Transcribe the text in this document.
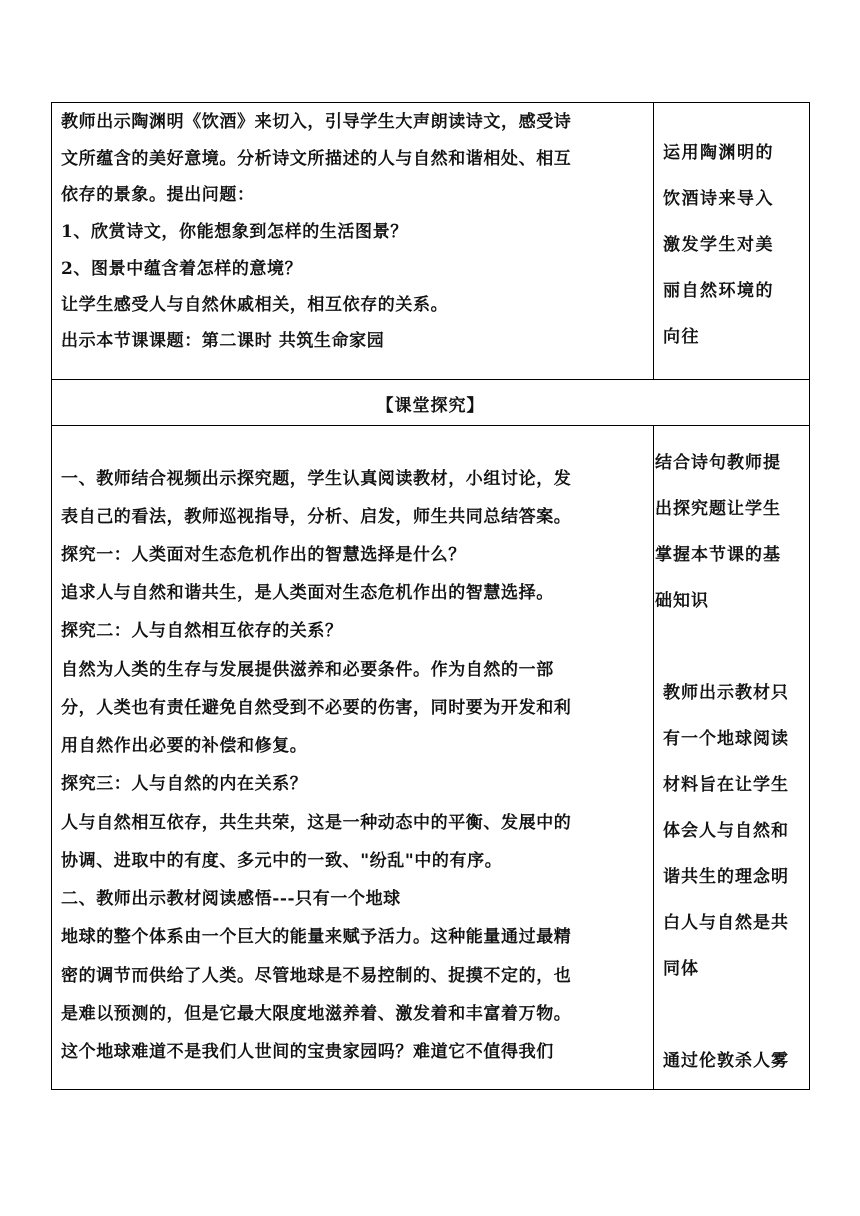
教师出示陶渊明《饮酒》来切入，引导学生大声朗读诗文，感受诗
文所蕴含的美好意境。分析诗文所描述的人与自然和谐相处、相互
依存的景象。提出问题：
1、欣赏诗文，你能想象到怎样的生活图景？
2、图景中蕴含着怎样的意境？
让学生感受人与自然休戚相关，相互依存的关系。
出示本节课课题：第二课时 共筑生命家园
运用陶渊明的
饮酒诗来导入
激发学生对美
丽自然环境的
向往
【课堂探究】
一、教师结合视频出示探究题，学生认真阅读教材，小组讨论，发
表自己的看法，教师巡视指导，分析、启发，师生共同总结答案。
探究一：人类面对生态危机作出的智慧选择是什么？
追求人与自然和谐共生，是人类面对生态危机作出的智慧选择。
探究二：人与自然相互依存的关系？
自然为人类的生存与发展提供滋养和必要条件。作为自然的一部
分，人类也有责任避免自然受到不必要的伤害，同时要为开发和利
用自然作出必要的补偿和修复。
探究三：人与自然的内在关系？
人与自然相互依存，共生共荣，这是一种动态中的平衡、发展中的
协调、进取中的有度、多元中的一致、"纷乱"中的有序。
二、教师出示教材阅读感悟---只有一个地球
地球的整个体系由一个巨大的能量来赋予活力。这种能量通过最精
密的调节而供给了人类。尽管地球是不易控制的、捉摸不定的，也
是难以预测的，但是它最大限度地滋养着、激发着和丰富着万物。
这个地球难道不是我们人世间的宝贵家园吗？难道它不值得我们
结合诗句教师提
出探究题让学生
掌握本节课的基
础知识
教师出示教材只
有一个地球阅读
材料旨在让学生
体会人与自然和
谐共生的理念明
白人与自然是共
同体
通过伦敦杀人雾
